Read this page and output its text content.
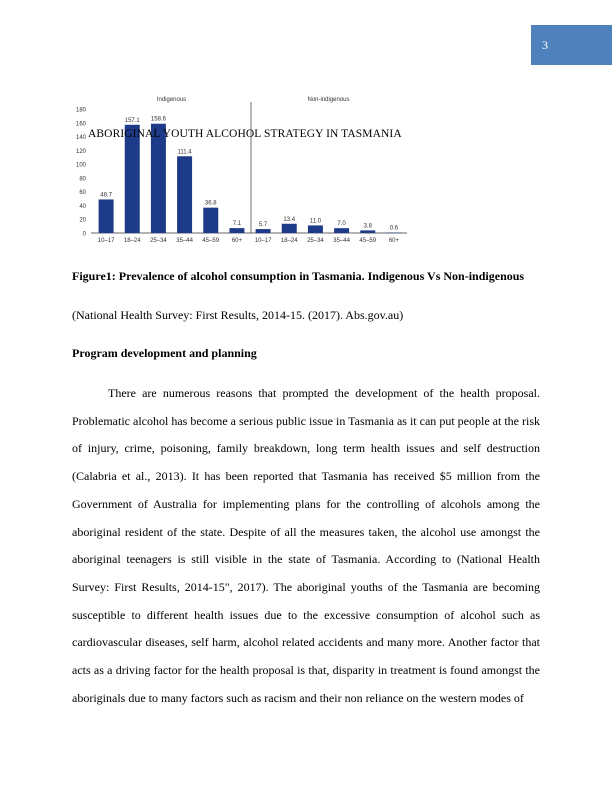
3
0
20
40
60
80
100
120
140
160
180
Indigenous	Non-indigenous
48.7
10–17
157.1
18–24
158.6
25–34
111.4
35–44
36.8
45–59
7.1
60+
5.7
10–17
13.4
18–24
11.0
25–34
7.0
35–44
3.8
45–59
0.6
60+
ABORIGINAL YOUTH ALCOHOL STRATEGY IN TASMANIA
Figure1: Prevalence of alcohol consumption in Tasmania. Indigenous Vs Non-indigenous
(National Health Survey: First Results, 2014-15. (2017). Abs.gov.au)
Program development and planning

There are numerous reasons that prompted the development of the health proposal. Problematic alcohol has become a serious public issue in Tasmania as it can put people at the risk of injury, crime, poisoning, family breakdown, long term health issues and self destruction (Calabria et al., 2013). It has been reported that Tasmania has received $5 million from the Government of Australia for implementing plans for the controlling of alcohols among the aboriginal resident of the state. Despite of all the measures taken, the alcohol use amongst the aboriginal teenagers is still visible in the state of Tasmania. According to (National Health Survey: First Results, 2014-15", 2017). The aboriginal youths of the Tasmania are becoming susceptible to different health issues due to the excessive consumption of alcohol such as cardiovascular diseases, self harm, alcohol related accidents and many more. Another factor that acts as a driving factor for the health proposal is that, disparity in treatment is found amongst the aboriginals due to many factors such as racism and their non reliance on the western modes of
